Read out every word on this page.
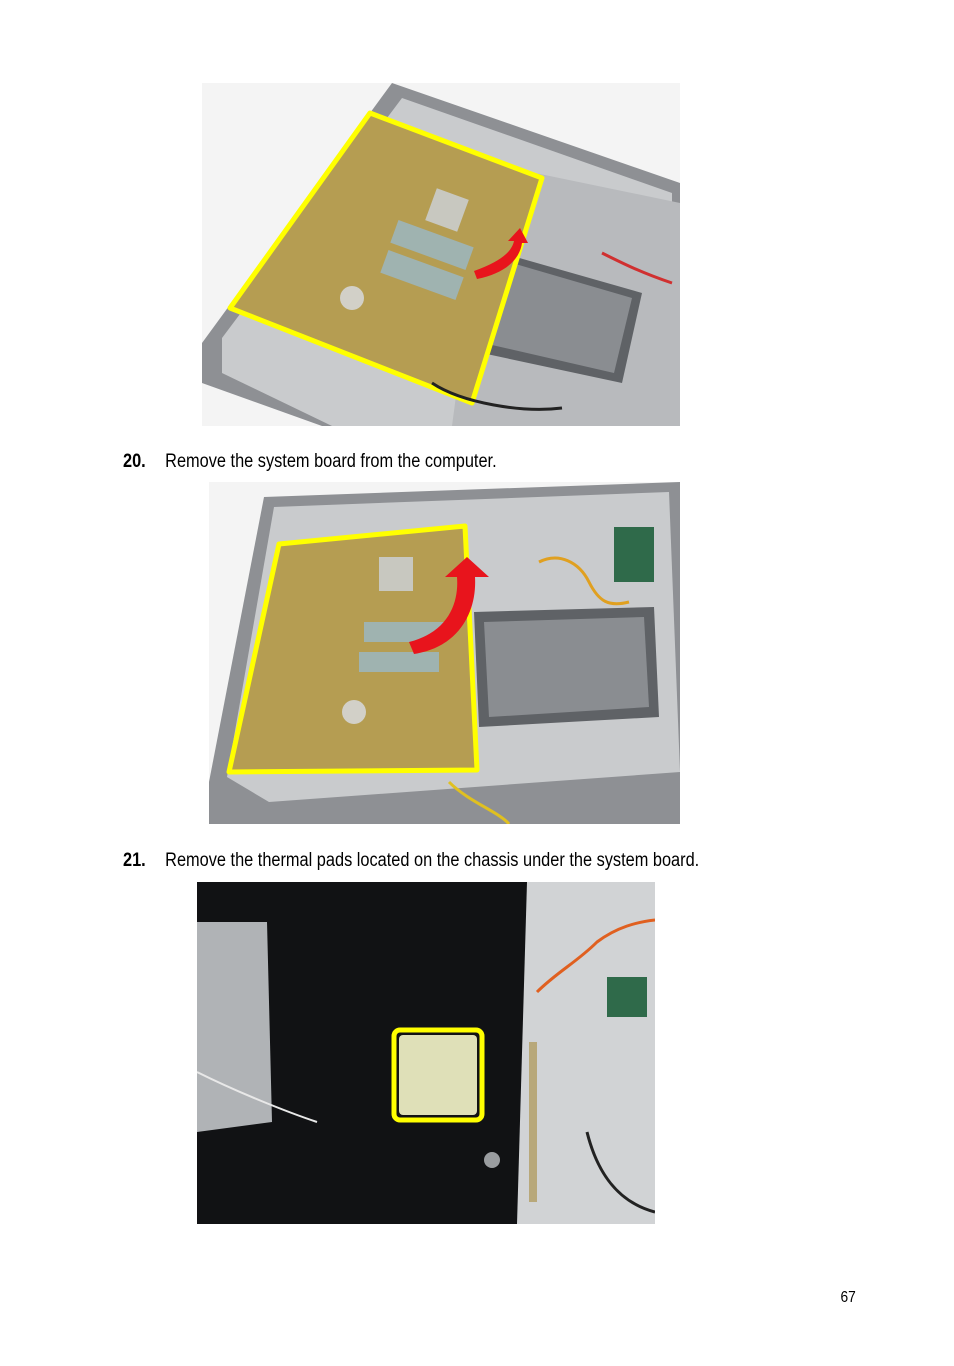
20. Remove the system board from the computer.
21. Remove the thermal pads located on the chassis under the system board.
67
